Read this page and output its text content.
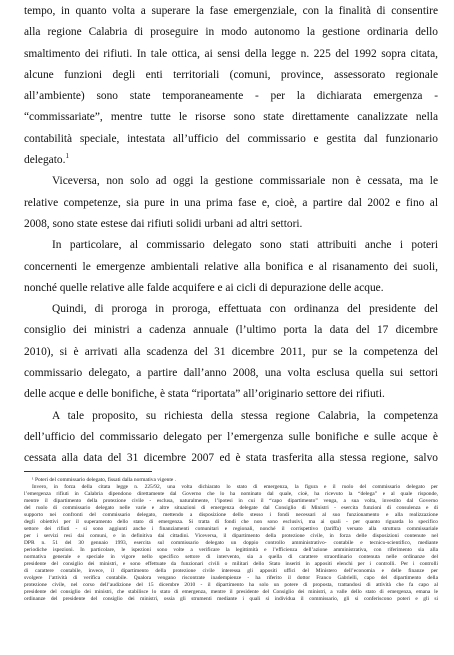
tempo, in quanto volta a superare la fase emergenziale, con la finalità di consentire
alla regione Calabria di proseguire in modo autonomo la gestione ordinaria dello
smaltimento dei rifiuti. In tale ottica, ai sensi della legge n. 225 del 1992 sopra citata,
alcune funzioni degli enti territoriali (comuni, province, assessorato regionale
all’ambiente) sono state temporaneamente - per la dichiarata emergenza -
“commissariate”, mentre tutte le risorse sono state direttamente canalizzate nella
contabilità speciale, intestata all’ufficio del commissario e gestita dal funzionario
delegato.$^1$
Viceversa, non solo ad oggi la gestione commissariale non è cessata, ma le
relative competenze, sia pure in una prima fase e, cioè, a partire dal 2002 e fino al
2008, sono state estese dai rifiuti solidi urbani ad altri settori.
In particolare, al commissario delegato sono stati attribuiti anche i poteri
concernenti le emergenze ambientali relative alla bonifica e al risanamento dei suoli,
nonché quelle relative alle falde acquifere e ai cicli di depurazione delle acque.
Quindi, di proroga in proroga, effettuata con ordinanza del presidente del
consiglio dei ministri a cadenza annuale (l’ultimo porta la data del 17 dicembre
2010), si è arrivati alla scadenza del 31 dicembre 2011, pur se la competenza del
commissario delegato, a partire dall’anno 2008, una volta esclusa quella sui settori
delle acque e delle bonifiche, è stata “riportata” all’originario settore dei rifiuti.
A tale proposito, su richiesta della stessa regione Calabria, la competenza
dell’ufficio del commissario delegato per l’emergenza sulle bonifiche e sulle acque è
cessata alla data del 31 dicembre 2007 ed è stata trasferita alla stessa regione, salvo
¹ Poteri del commissario delegato, fissati dalla normativa vigente .
Invero, in forza della citata legge n. 225/92, una volta dichiarato lo stato di emergenza, la figura e il ruolo del commissario delegato per
l’emergenza rifiuti in Calabria dipendono direttamente dal Governo che lo ha nominato dal quale, cioè, ha ricevuto la “delega” e al quale risponde,
mentre il dipartimento della protezione civile - esclusa, naturalmente, l’ipotesi in cui il “capo dipartimento” venga, a sua volta, investito dal Governo
del ruolo di commissario delegato nelle varie e altre situazioni di emergenza delegate dal Consiglio di Ministri - esercita funzioni di consulenza e di
supporto nei confronti del commissario delegato, mettendo a disposizione dello stesso i fondi necessari al suo funzionamento e alla realizzazione
degli obiettivi per il superamento dello stato di emergenza. Si tratta di fondi che non sono esclusivi, ma ai quali - per quanto riguarda lo specifico
settore dei rifiuti - si sono aggiunti anche i finanziamenti comunitari e regionali, nonché il corrispettivo (tariffa) versato alla struttura commissariale
per i servizi resi dai comuni, e in definitiva dai cittadini. Viceversa, il dipartimento della protezione civile, in forza delle disposizioni contenute nel
DPR n. 51 del 30 gennaio 1993, esercita sul commissario delegato un doppio controllo amministrativo- contabile e tecnico-scientifico, mediante
periodiche ispezioni. In particolare, le ispezioni sono volte a verificare la legittimità e l’efficienza dell’azione amministrativa, con riferimento sia alla
normativa generale e speciale in vigore nello specifico settore di intervento, sia a quella di carattere straordinario contenuta nelle ordinanze del
presidente del consiglio dei ministri, e sono effettuate da funzionari civili o militari dello Stato inseriti in appositi elenchi per i controlli. Per i controlli
di carattere contabile, invece, il dipartimento della protezione civile interessa gli appositi uffici del Ministero dell’economia e delle finanze per
svolgere l’attività di verifica contabile. Qualora vengano riscontrate inadempienze - ha riferito il dottor Franco Gabrielli, capo del dipartimento della
protezione civile, nel corso dell’audizione del 15 dicembre 2010 - il dipartimento ha solo un potere di proposta, trattandosi di attività che fa capo al
presidente del consiglio dei ministri, che stabilisce lo stato di emergenza, mentre il presidente del Consiglio dei ministri, a valle dello stato di emergenza, emana le
ordinanze del presidente del consiglio dei ministri, ossia gli strumenti mediante i quali si individua il commissario, gli si conferiscono poteri e gli si
